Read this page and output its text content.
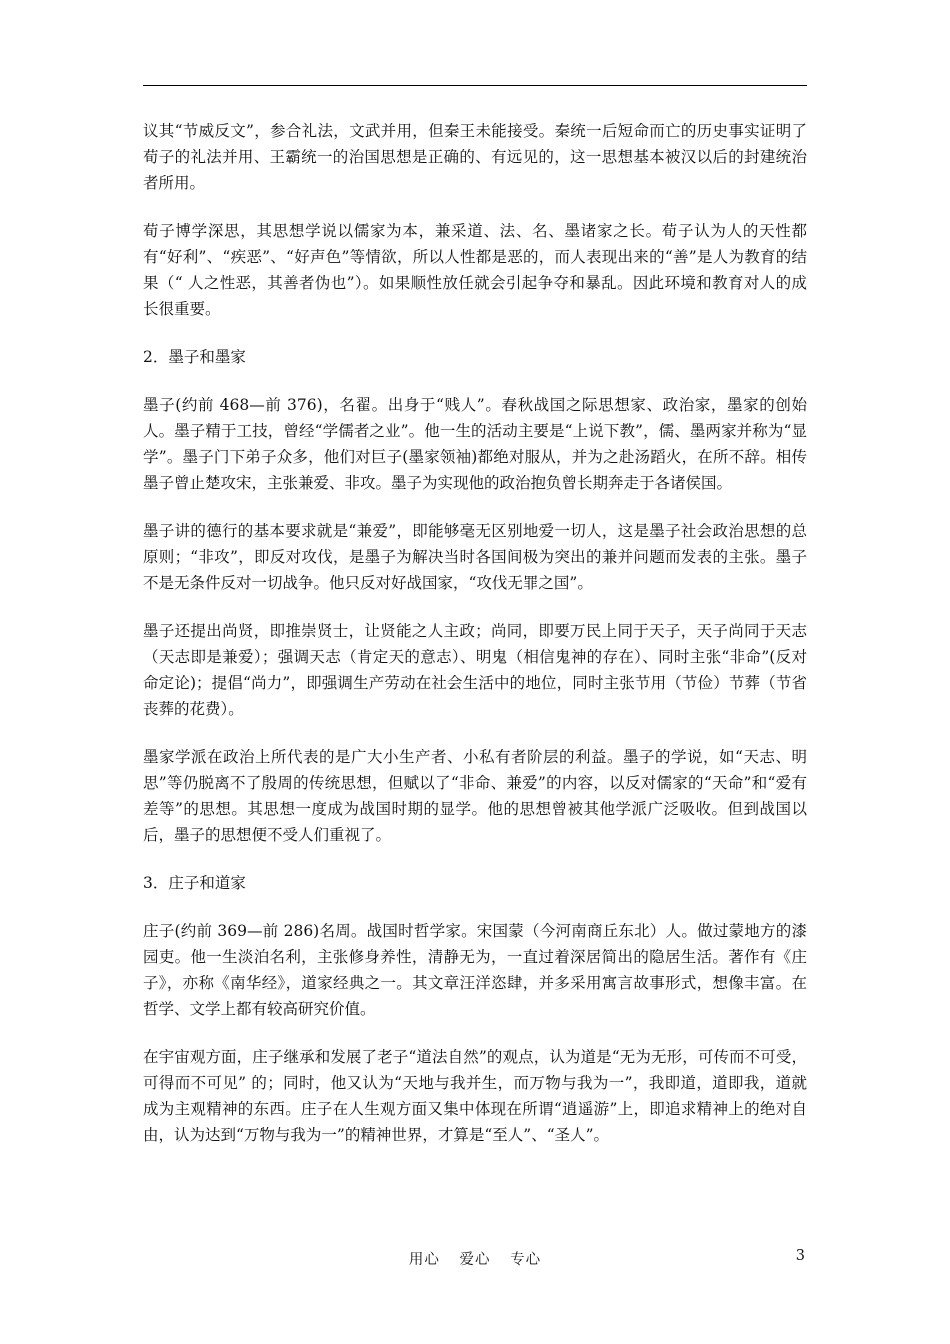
议其“节威反文”，参合礼法，文武并用，但秦王未能接受。秦统一后短命而亡的历史事实证明了荀子的礼法并用、王霸统一的治国思想是正确的、有远见的，这一思想基本被汉以后的封建统治者所用。

荀子博学深思，其思想学说以儒家为本，兼采道、法、名、墨诸家之长。荀子认为人的天性都有“好利”、“疾恶”、“好声色”等情欲，所以人性都是恶的，而人表现出来的“善”是人为教育的结果（“ 人之性恶，其善者伪也”）。如果顺性放任就会引起争夺和暴乱。因此环境和教育对人的成长很重要。

2．墨子和墨家

墨子(约前 468—前 376)，名翟。出身于“贱人”。春秋战国之际思想家、政治家，墨家的创始人。墨子精于工技，曾经“学儒者之业”。他一生的活动主要是“上说下教”，儒、墨两家并称为“显学”。墨子门下弟子众多，他们对巨子(墨家领袖)都绝对服从，并为之赴汤蹈火，在所不辞。相传墨子曾止楚攻宋，主张兼爱、非攻。墨子为实现他的政治抱负曾长期奔走于各诸侯国。

墨子讲的德行的基本要求就是“兼爱”，即能够毫无区别地爱一切人，这是墨子社会政治思想的总原则；“非攻”，即反对攻伐，是墨子为解决当时各国间极为突出的兼并问题而发表的主张。墨子不是无条件反对一切战争。他只反对好战国家，“攻伐无罪之国”。

墨子还提出尚贤，即推崇贤士，让贤能之人主政；尚同，即要万民上同于天子，天子尚同于天志（天志即是兼爱）；强调天志（肯定天的意志）、明鬼（相信鬼神的存在）、同时主张“非命”(反对命定论)；提倡“尚力”，即强调生产劳动在社会生活中的地位，同时主张节用（节俭）节葬（节省丧葬的花费）。

墨家学派在政治上所代表的是广大小生产者、小私有者阶层的利益。墨子的学说，如“天志、明思”等仍脱离不了殷周的传统思想，但赋以了“非命、兼爱”的内容，以反对儒家的“天命”和“爱有差等”的思想。其思想一度成为战国时期的显学。他的思想曾被其他学派广泛吸收。但到战国以后，墨子的思想便不受人们重视了。

3．庄子和道家

庄子(约前 369—前 286)名周。战国时哲学家。宋国蒙（今河南商丘东北）人。做过蒙地方的漆园吏。他一生淡泊名利，主张修身养性，清静无为，一直过着深居简出的隐居生活。著作有《庄子》，亦称《南华经》，道家经典之一。其文章汪洋恣肆，并多采用寓言故事形式，想像丰富。在哲学、文学上都有较高研究价值。

在宇宙观方面，庄子继承和发展了老子“道法自然”的观点，认为道是“无为无形，可传而不可受，可得而不可见” 的；同时，他又认为“天地与我并生，而万物与我为一”，我即道，道即我，道就成为主观精神的东西。庄子在人生观方面又集中体现在所谓“逍遥游”上，即追求精神上的绝对自由，认为达到“万物与我为一”的精神世界，才算是“至人”、“圣人”。

用心 爱心 专心	3
